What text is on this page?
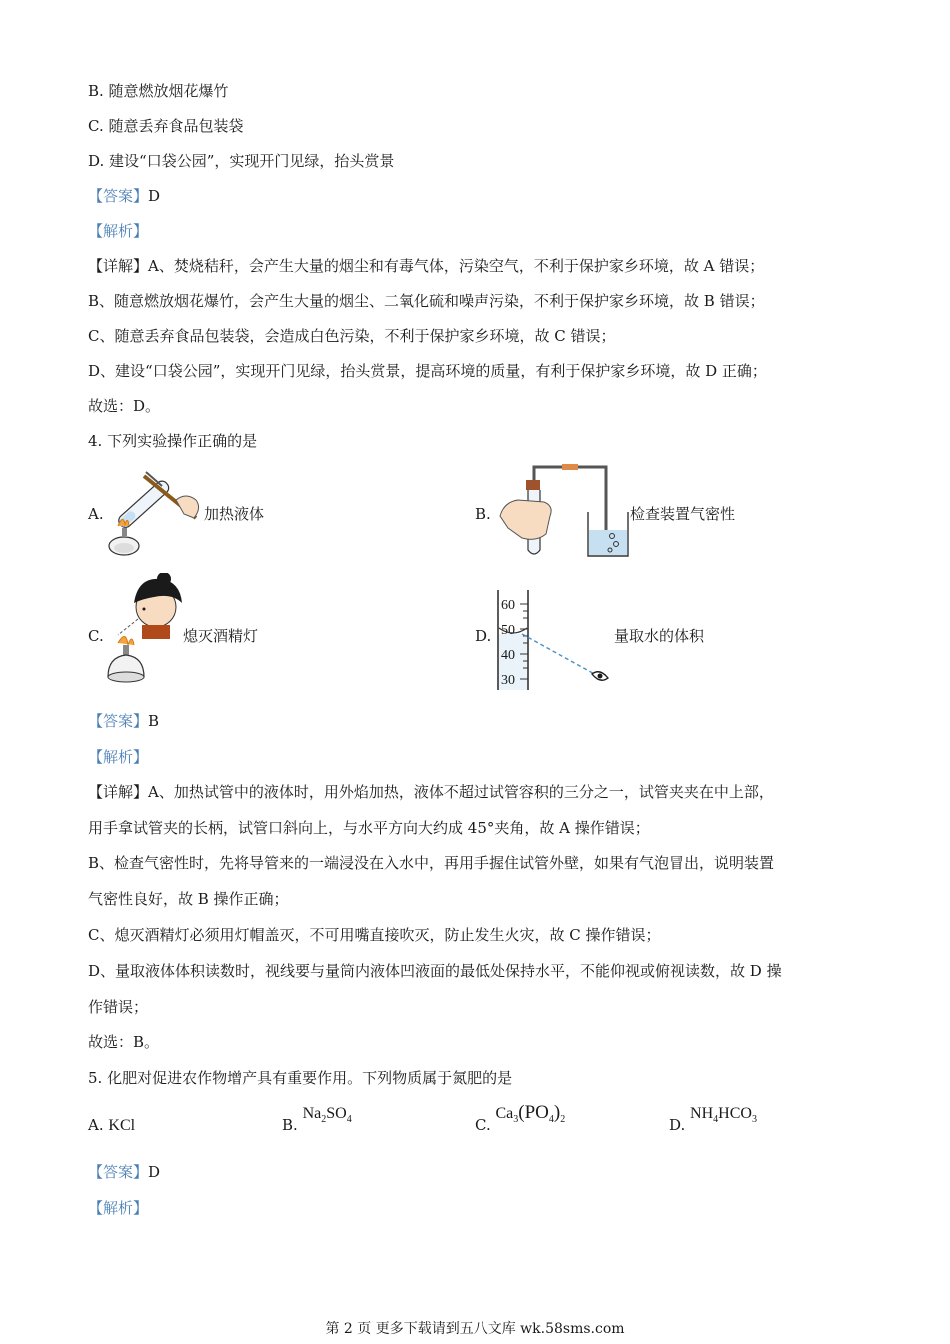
B. 随意燃放烟花爆竹
C. 随意丢弃食品包装袋
D. 建设“口袋公园”，实现开门见绿，抬头赏景
【答案】D
【解析】
【详解】A、焚烧秸秆，会产生大量的烟尘和有毒气体，污染空气，不利于保护家乡环境，故 A 错误；
B、随意燃放烟花爆竹，会产生大量的烟尘、二氧化硫和噪声污染，不利于保护家乡环境，故 B 错误；
C、随意丢弃食品包装袋，会造成白色污染，不利于保护家乡环境，故 C 错误；
D、建设“口袋公园”，实现开门见绿，抬头赏景，提高环境的质量，有利于保护家乡环境，故 D 正确；
故选：D。
4. 下列实验操作正确的是
A.	加热液体	B.	检查装置气密性
C.	熄灭酒精灯	D.
60
50
40
30
量取水的体积
【答案】B
【解析】
【详解】A、加热试管中的液体时，用外焰加热，液体不超过试管容积的三分之一，试管夹夹在中上部，
用手拿试管夹的长柄，试管口斜向上，与水平方向大约成 45°夹角，故 A 操作错误；
B、检查气密性时，先将导管来的一端浸没在入水中，再用手握住试管外壁，如果有气泡冒出，说明装置
气密性良好，故 B 操作正确；
C、熄灭酒精灯必须用灯帽盖灭，不可用嘴直接吹灭，防止发生火灾，故 C 操作错误；
D、量取液体体积读数时，视线要与量筒内液体凹液面的最低处保持水平，不能仰视或俯视读数，故 D 操
作错误；
故选：B。
5. 化肥对促进农作物增产具有重要作用。下列物质属于氮肥的是
A. KCl	B. $Na_2SO_4$	C. $Ca_3(PO_4)_2$	D. $NH_4HCO_3$
【答案】D
【解析】
第 2 页 更多下载请到五八文库 wk.58sms.com
